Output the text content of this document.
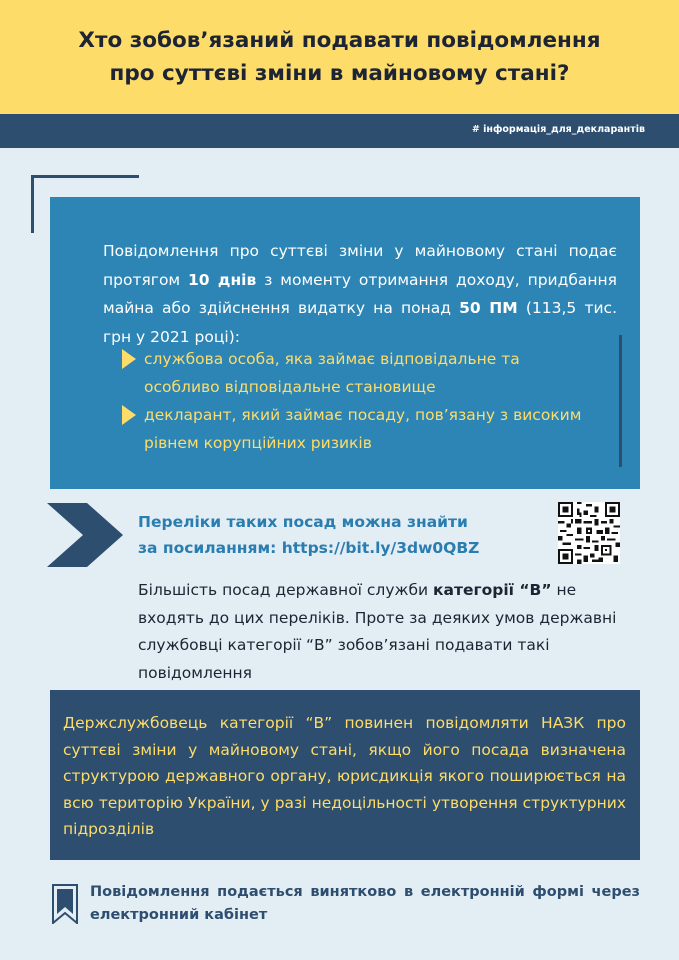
Хто зобов’язаний подавати повідомлення
про суттєві зміни в майновому стані?
# інформація_для_декларантів

Повідомлення про суттєві зміни у майновому стані подає протягом 10 днів з моменту отримання доходу, придбання майна або здійснення видатку на понад 50 ПМ (113,5 тис. грн у 2021 році):

службова особа, яка займає відповідальне та особливо відповідальне становище
декларант, який займає посаду, пов’язану з високим рівнем корупційних ризиків
Переліки таких посад можна знайти
за посиланням: https://bit.ly/3dw0QBZ

Більшість посад державної служби категорії “В” не входять до цих переліків. Проте за деяких умов державні службовці категорії “В” зобов’язані подавати такі повідомлення

Держслужбовець категорії “В” повинен повідомляти НАЗК про суттєві зміни у майновому стані, якщо його посада визначена структурою державного органу, юрисдикція якого поширюється на всю територію України, у разі недоцільності утворення структурних підрозділів

Повідомлення подається винятково в електронній формі через електронний кабінет
